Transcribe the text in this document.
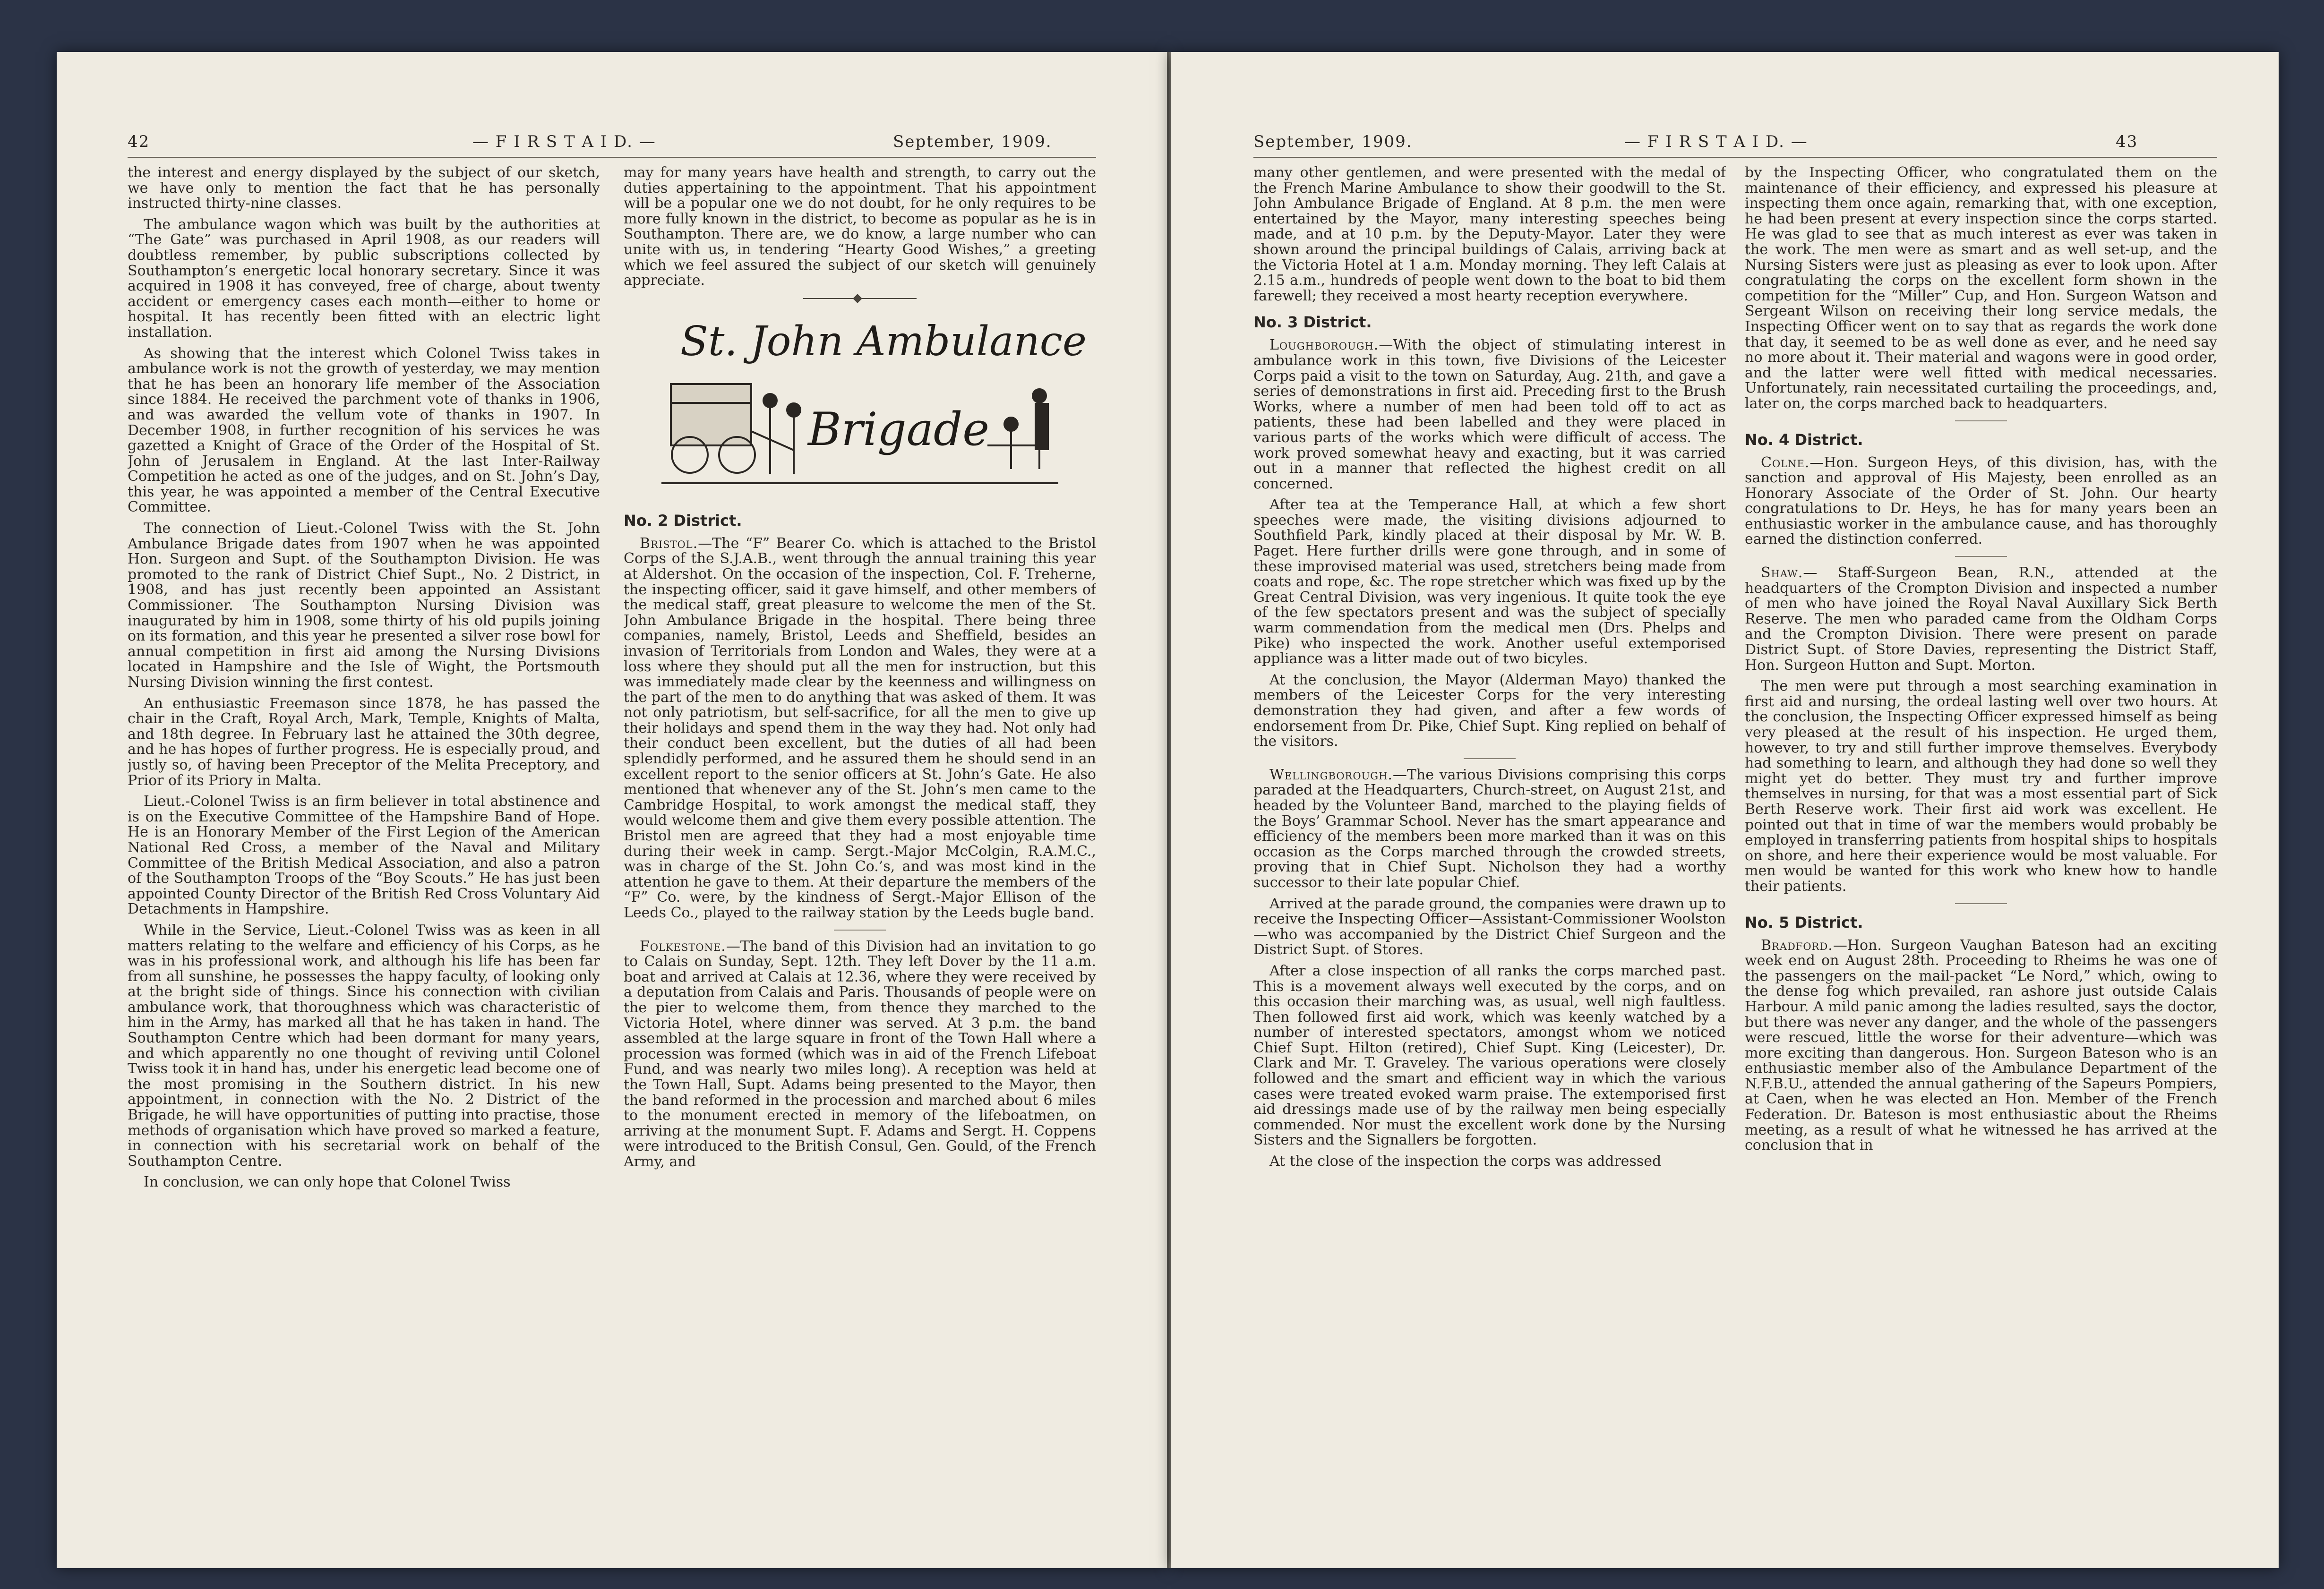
42	— F I R S T A I D. —	September, 1909.

the interest and energy displayed by the subject of our sketch, we have only to mention the fact that he has personally instructed thirty-nine classes.

The ambulance wagon which was built by the authorities at “The Gate” was purchased in April 1908, as our readers will doubtless remember, by public subscriptions collected by Southampton’s energetic local honorary secretary. Since it was acquired in 1908 it has conveyed, free of charge, about twenty accident or emergency cases each month—either to home or hospital. It has recently been fitted with an electric light installation.

As showing that the interest which Colonel Twiss takes in ambulance work is not the growth of yesterday, we may mention that he has been an honorary life member of the Association since 1884. He received the parchment vote of thanks in 1906, and was awarded the vellum vote of thanks in 1907. In December 1908, in further recognition of his services he was gazetted a Knight of Grace of the Order of the Hospital of St. John of Jerusalem in England. At the last Inter-Railway Competition he acted as one of the judges, and on St. John’s Day, this year, he was appointed a member of the Central Executive Committee.

The connection of Lieut.-Colonel Twiss with the St. John Ambulance Brigade dates from 1907 when he was appointed Hon. Surgeon and Supt. of the Southampton Division. He was promoted to the rank of District Chief Supt., No. 2 District, in 1908, and has just recently been appointed an Assistant Commissioner. The Southampton Nursing Division was inaugurated by him in 1908, some thirty of his old pupils joining on its formation, and this year he presented a silver rose bowl for annual competition in first aid among the Nursing Divisions located in Hampshire and the Isle of Wight, the Portsmouth Nursing Division winning the first contest.

An enthusiastic Freemason since 1878, he has passed the chair in the Craft, Royal Arch, Mark, Temple, Knights of Malta, and 18th degree. In February last he attained the 30th degree, and he has hopes of further progress. He is especially proud, and justly so, of having been Preceptor of the Melita Preceptory, and Prior of its Priory in Malta.

Lieut.-Colonel Twiss is an firm believer in total abstinence and is on the Executive Committee of the Hampshire Band of Hope. He is an Honorary Member of the First Legion of the American National Red Cross, a member of the Naval and Military Committee of the British Medical Association, and also a patron of the Southampton Troops of the “Boy Scouts.” He has just been appointed County Director of the British Red Cross Voluntary Aid Detachments in Hampshire.

While in the Service, Lieut.-Colonel Twiss was as keen in all matters relating to the welfare and efficiency of his Corps, as he was in his professional work, and although his life has been far from all sunshine, he possesses the happy faculty, of looking only at the bright side of things. Since his connection with civilian ambulance work, that thoroughness which was characteristic of him in the Army, has marked all that he has taken in hand. The Southampton Centre which had been dormant for many years, and which apparently no one thought of reviving until Colonel Twiss took it in hand has, under his energetic lead become one of the most promising in the Southern district. In his new appointment, in connection with the No. 2 District of the Brigade, he will have opportunities of putting into practise, those methods of organisation which have proved so marked a feature, in connection with his secretarial work on behalf of the Southampton Centre.

In conclusion, we can only hope that Colonel Twiss

may for many years have health and strength, to carry out the duties appertaining to the appointment. That his appointment will be a popular one we do not doubt, for he only requires to be more fully known in the district, to become as popular as he is in Southampton. There are, we do know, a large number who can unite with us, in tendering “Hearty Good Wishes,” a greeting which we feel assured the subject of our sketch will genuinely appreciate.

St. John Ambulance
Brigade
No. 2 District.

Bristol.—The “F” Bearer Co. which is attached to the Bristol Corps of the S.J.A.B., went through the annual training this year at Aldershot. On the occasion of the inspection, Col. F. Treherne, the inspecting officer, said it gave himself, and other members of the medical staff, great pleasure to welcome the men of the St. John Ambulance Brigade in the hospital. There being three companies, namely, Bristol, Leeds and Sheffield, besides an invasion of Territorials from London and Wales, they were at a loss where they should put all the men for instruction, but this was immediately made clear by the keenness and willingness on the part of the men to do anything that was asked of them. It was not only patriotism, but self-sacrifice, for all the men to give up their holidays and spend them in the way they had. Not only had their conduct been excellent, but the duties of all had been splendidly performed, and he assured them he should send in an excellent report to the senior officers at St. John’s Gate. He also mentioned that whenever any of the St. John’s men came to the Cambridge Hospital, to work amongst the medical staff, they would welcome them and give them every possible attention. The Bristol men are agreed that they had a most enjoyable time during their week in camp. Sergt.-Major McColgin, R.A.M.C., was in charge of the St. John Co.’s, and was most kind in the attention he gave to them. At their departure the members of the “F” Co. were, by the kindness of Sergt.-Major Ellison of the Leeds Co., played to the railway station by the Leeds bugle band.

Folkestone.—The band of this Division had an invitation to go to Calais on Sunday, Sept. 12th. They left Dover by the 11 a.m. boat and arrived at Calais at 12.36, where they were received by a deputation from Calais and Paris. Thousands of people were on the pier to welcome them, from thence they marched to the Victoria Hotel, where dinner was served. At 3 p.m. the band assembled at the large square in front of the Town Hall where a procession was formed (which was in aid of the French Lifeboat Fund, and was nearly two miles long). A reception was held at the Town Hall, Supt. Adams being presented to the Mayor, then the band reformed in the procession and marched about 6 miles to the monument erected in memory of the lifeboatmen, on arriving at the monument Supt. F. Adams and Sergt. H. Coppens were introduced to the British Consul, Gen. Gould, of the French Army, and

September, 1909.	— F I R S T A I D. —	43

many other gentlemen, and were presented with the medal of the French Marine Ambulance to show their goodwill to the St. John Ambulance Brigade of England. At 8 p.m. the men were entertained by the Mayor, many interesting speeches being made, and at 10 p.m. by the Deputy-Mayor. Later they were shown around the principal buildings of Calais, arriving back at the Victoria Hotel at 1 a.m. Monday morning. They left Calais at 2.15 a.m., hundreds of people went down to the boat to bid them farewell; they received a most hearty reception everywhere.

No. 3 District.

Loughborough.—With the object of stimulating interest in ambulance work in this town, five Divisions of the Leicester Corps paid a visit to the town on Saturday, Aug. 21th, and gave a series of demonstrations in first aid. Preceding first to the Brush Works, where a number of men had been told off to act as patients, these had been labelled and they were placed in various parts of the works which were difficult of access. The work proved somewhat heavy and exacting, but it was carried out in a manner that reflected the highest credit on all concerned.

After tea at the Temperance Hall, at which a few short speeches were made, the visiting divisions adjourned to Southfield Park, kindly placed at their disposal by Mr. W. B. Paget. Here further drills were gone through, and in some of these improvised material was used, stretchers being made from coats and rope, &c. The rope stretcher which was fixed up by the Great Central Division, was very ingenious. It quite took the eye of the few spectators present and was the subject of specially warm commendation from the medical men (Drs. Phelps and Pike) who inspected the work. Another useful extemporised appliance was a litter made out of two bicyles.

At the conclusion, the Mayor (Alderman Mayo) thanked the members of the Leicester Corps for the very interesting demonstration they had given, and after a few words of endorsement from Dr. Pike, Chief Supt. King replied on behalf of the visitors.

Wellingborough.—The various Divisions comprising this corps paraded at the Headquarters, Church-street, on August 21st, and headed by the Volunteer Band, marched to the playing fields of the Boys’ Grammar School. Never has the smart appearance and efficiency of the members been more marked than it was on this occasion as the Corps marched through the crowded streets, proving that in Chief Supt. Nicholson they had a worthy successor to their late popular Chief.

Arrived at the parade ground, the companies were drawn up to receive the Inspecting Officer—Assistant-Commissioner Woolston—who was accompanied by the District Chief Surgeon and the District Supt. of Stores.

After a close inspection of all ranks the corps marched past. This is a movement always well executed by the corps, and on this occasion their marching was, as usual, well nigh faultless. Then followed first aid work, which was keenly watched by a number of interested spectators, amongst whom we noticed Chief Supt. Hilton (retired), Chief Supt. King (Leicester), Dr. Clark and Mr. T. Graveley. The various operations were closely followed and the smart and efficient way in which the various cases were treated evoked warm praise. The extemporised first aid dressings made use of by the railway men being especially commended. Nor must the excellent work done by the Nursing Sisters and the Signallers be forgotten.

At the close of the inspection the corps was addressed

by the Inspecting Officer, who congratulated them on the maintenance of their efficiency, and expressed his pleasure at inspecting them once again, remarking that, with one exception, he had been present at every inspection since the corps started. He was glad to see that as much interest as ever was taken in the work. The men were as smart and as well set-up, and the Nursing Sisters were just as pleasing as ever to look upon. After congratulating the corps on the excellent form shown in the competition for the “Miller” Cup, and Hon. Surgeon Watson and Sergeant Wilson on receiving their long service medals, the Inspecting Officer went on to say that as regards the work done that day, it seemed to be as well done as ever, and he need say no more about it. Their material and wagons were in good order, and the latter were well fitted with medical necessaries. Unfortunately, rain necessitated curtailing the proceedings, and, later on, the corps marched back to headquarters.

No. 4 District.

Colne.—Hon. Surgeon Heys, of this division, has, with the sanction and approval of His Majesty, been enrolled as an Honorary Associate of the Order of St. John. Our hearty congratulations to Dr. Heys, he has for many years been an enthusiastic worker in the ambulance cause, and has thoroughly earned the distinction conferred.

Shaw.— Staff-Surgeon Bean, R.N., attended at the headquarters of the Crompton Division and inspected a number of men who have joined the Royal Naval Auxillary Sick Berth Reserve. The men who paraded came from the Oldham Corps and the Crompton Division. There were present on parade District Supt. of Store Davies, representing the District Staff, Hon. Surgeon Hutton and Supt. Morton.

The men were put through a most searching examination in first aid and nursing, the ordeal lasting well over two hours. At the conclusion, the Inspecting Officer expressed himself as being very pleased at the result of his inspection. He urged them, however, to try and still further improve themselves. Everybody had something to learn, and although they had done so well they might yet do better. They must try and further improve themselves in nursing, for that was a most essential part of Sick Berth Reserve work. Their first aid work was excellent. He pointed out that in time of war the members would probably be employed in transferring patients from hospital ships to hospitals on shore, and here their experience would be most valuable. For men would be wanted for this work who knew how to handle their patients.

No. 5 District.

Bradford.—Hon. Surgeon Vaughan Bateson had an exciting week end on August 28th. Proceeding to Rheims he was one of the passengers on the mail-packet “Le Nord,” which, owing to the dense fog which prevailed, ran ashore just outside Calais Harbour. A mild panic among the ladies resulted, says the doctor, but there was never any danger, and the whole of the passengers were rescued, little the worse for their adventure—which was more exciting than dangerous. Hon. Surgeon Bateson who is an enthusiastic member also of the Ambulance Department of the N.F.B.U., attended the annual gathering of the Sapeurs Pompiers, at Caen, when he was elected an Hon. Member of the French Federation. Dr. Bateson is most enthusiastic about the Rheims meeting, as a result of what he witnessed he has arrived at the conclusion that in
